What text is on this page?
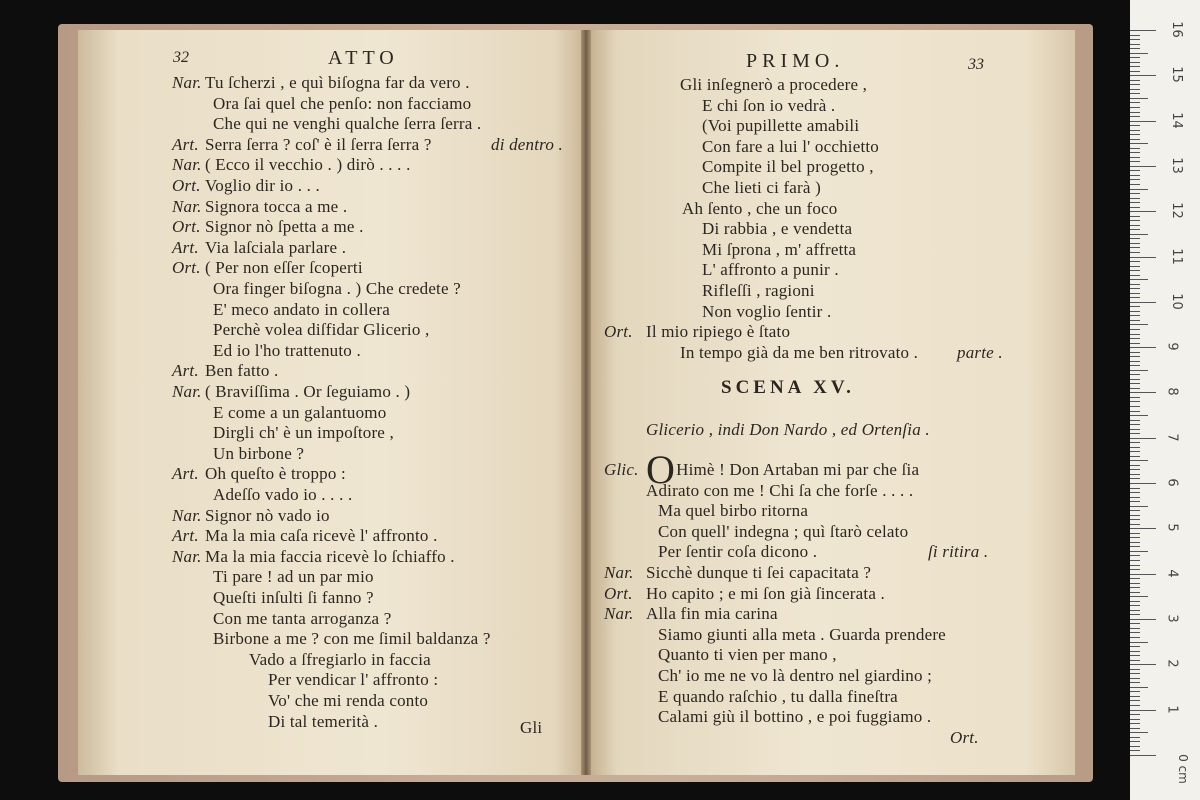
32	ATTO
Nar. Tu ſcherzi , e quì biſogna far da vero .
Ora ſai quel che penſo: non facciamo
Che qui ne venghi qualche ſerra ſerra .
Art. Serra ſerra ? coſ' è il ſerra ſerra ?	di dentro .
Nar. ( Ecco il vecchio . ) dirò . . . .
Ort. Voglio dir io . . .
Nar. Signora tocca a me .
Ort. Signor nò ſpetta a me .
Art. Via laſciala parlare .
Ort. ( Per non eſſer ſcoperti
Ora finger biſogna . ) Che credete ?
E' meco andato in collera
Perchè volea diſfidar Glicerio ,
Ed io l'ho trattenuto .
Art. Ben fatto .
Nar. ( Braviſſima . Or ſeguiamo . )
E come a un galantuomo
Dirgli ch' è un impoſtore ,
Un birbone ?
Art. Oh queſto è troppo :
Adeſſo vado io . . . .
Nar. Signor nò vado io
Art. Ma la mia caſa ricevè l' affronto .
Nar. Ma la mia faccia ricevè lo ſchiaffo .
Ti pare ! ad un par mio
Queſti inſulti ſi fanno ?
Con me tanta arroganza ?
Birbone a me ? con me ſimil baldanza ?
Vado a ſfregiarlo in faccia
Per vendicar l' affronto :
Vo' che mi renda conto
Di tal temerità .	Gli
PRIMO.	33
Gli inſegnerò a procedere ,
E chi ſon io vedrà .
(Voi pupillette amabili
Con fare a lui l' occhietto
Compite il bel progetto ,
Che lieti ci farà )
Ah ſento , che un foco
Di rabbia , e vendetta
Mi ſprona , m' affretta
L' affronto a punir .
Rifleſſi , ragioni
Non voglio ſentir .
Ort. Il mio ripiego è ſtato
In tempo già da me ben ritrovato . parte .
SCENA XV.
Glicerio , indi Don Nardo , ed Ortenſia .
Glic. OHimè ! Don Artaban mi par che ſia
Adirato con me ! Chi ſa che forſe . . . .
Ma quel birbo ritorna
Con quell' indegna ; quì ſtarò celato
Per ſentir coſa dicono .	ſi ritira .
Nar. Sicchè dunque ti ſei capacitata ?
Ort. Ho capito ; e mi ſon già ſincerata .
Nar. Alla fin mia carina
Siamo giunti alla meta . Guarda prendere
Quanto ti vien per mano ,
Ch' io me ne vo là dentro nel giardino ;
E quando raſchio , tu dalla fineſtra
Calami giù il bottino , e poi fuggiamo .
Ort.
0 cm
16
15
14
13
12
11
10
9
8
7
6
5
4
3
2
1
